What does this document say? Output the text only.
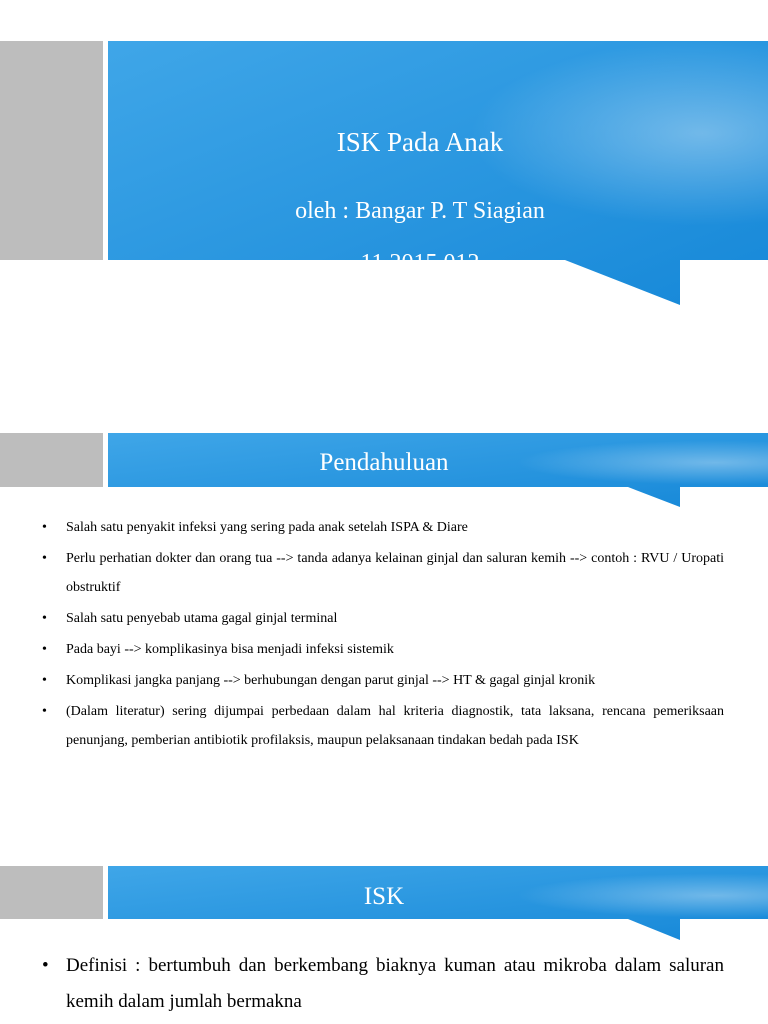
ISK Pada Anak
oleh : Bangar P. T Siagian
11.2015.012
Pendahuluan
• Salah satu penyakit infeksi yang sering pada anak setelah ISPA & Diare
• Perlu perhatian dokter dan orang tua --> tanda adanya kelainan ginjal dan saluran kemih --> contoh : RVU / Uropati obstruktif
• Salah satu penyebab utama gagal ginjal terminal
• Pada bayi --> komplikasinya bisa menjadi infeksi sistemik
• Komplikasi jangka panjang --> berhubungan dengan parut ginjal --> HT & gagal ginjal kronik
• (Dalam literatur) sering dijumpai perbedaan dalam hal kriteria diagnostik, tata laksana, rencana pemeriksaan penunjang, pemberian antibiotik profilaksis, maupun pelaksanaan tindakan bedah pada ISK
ISK
• Definisi : bertumbuh dan berkembang biaknya kuman atau mikroba dalam saluran kemih dalam jumlah bermakna
